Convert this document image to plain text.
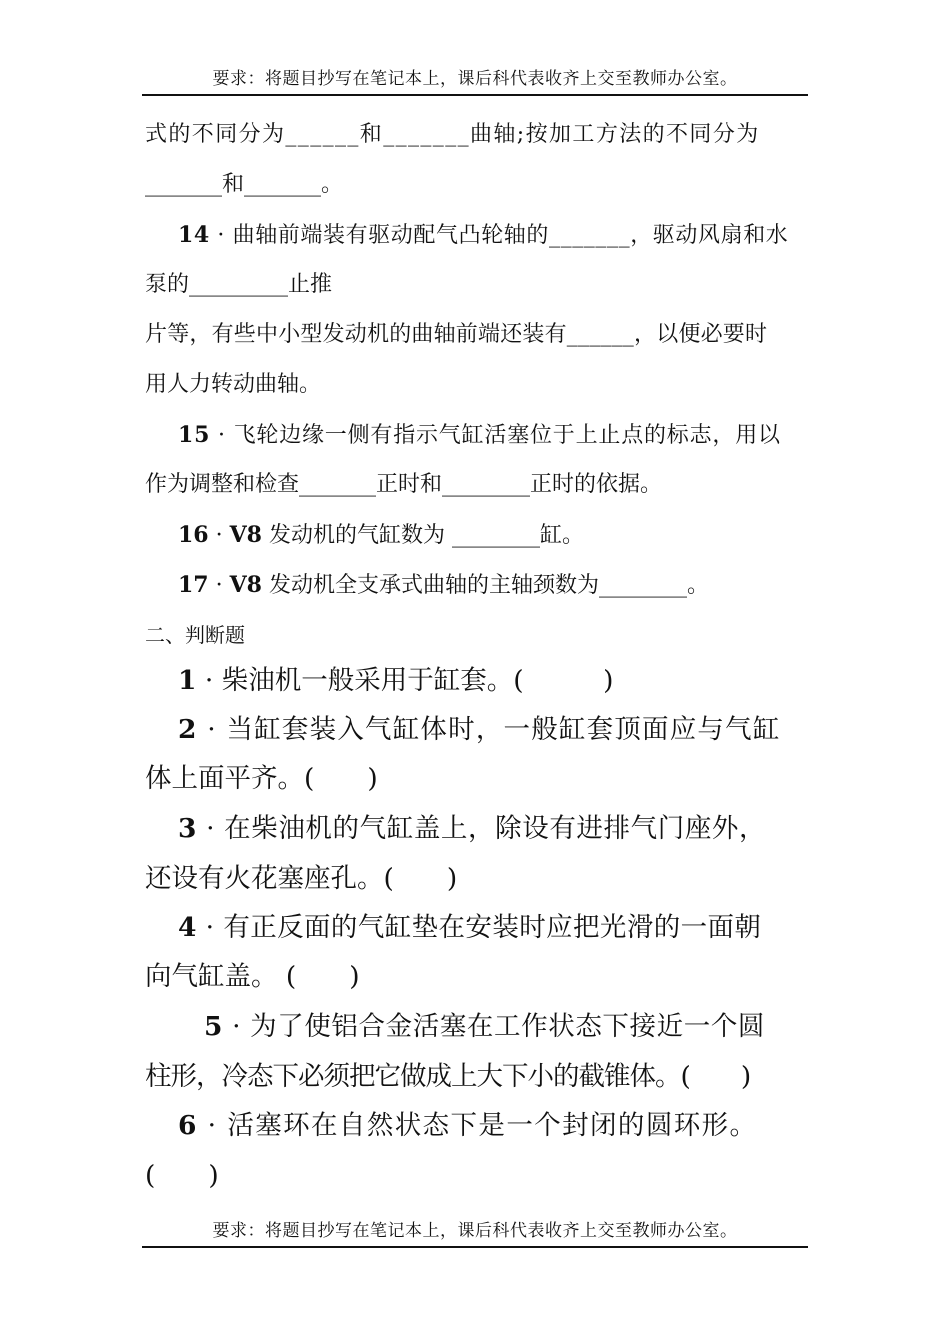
要求：将题目抄写在笔记本上，课后科代表收齐上交至教师办公室。
式的不同分为______和_______曲轴;按加工方法的不同分为
_______和_______。
14 · 曲轴前端装有驱动配气凸轮轴的_______，驱动风扇和水
泵的_________止推
片等，有些中小型发动机的曲轴前端还装有______，以便必要时
用人力转动曲轴。
15 · 飞轮边缘一侧有指示气缸活塞位于上止点的标志，用以
作为调整和检查_______正时和________正时的依据。
16 · V8 发动机的气缸数为 ________缸。
17 · V8 发动机全支承式曲轴的主轴颈数为________。
二、判断题
1 · 柴油机一般采用于缸套。(　　　)
2 · 当缸套装入气缸体时，一般缸套顶面应与气缸
体上面平齐。(　　)
3 · 在柴油机的气缸盖上，除设有进排气门座外，
还设有火花塞座孔。(　　)
4 · 有正反面的气缸垫在安装时应把光滑的一面朝
向气缸盖。 (　　)
5 · 为了使铝合金活塞在工作状态下接近一个圆
柱形，冷态下必须把它做成上大下小的截锥体。(　　)
6 · 活塞环在自然状态下是一个封闭的圆环形。
(　　)
要求：将题目抄写在笔记本上，课后科代表收齐上交至教师办公室。
